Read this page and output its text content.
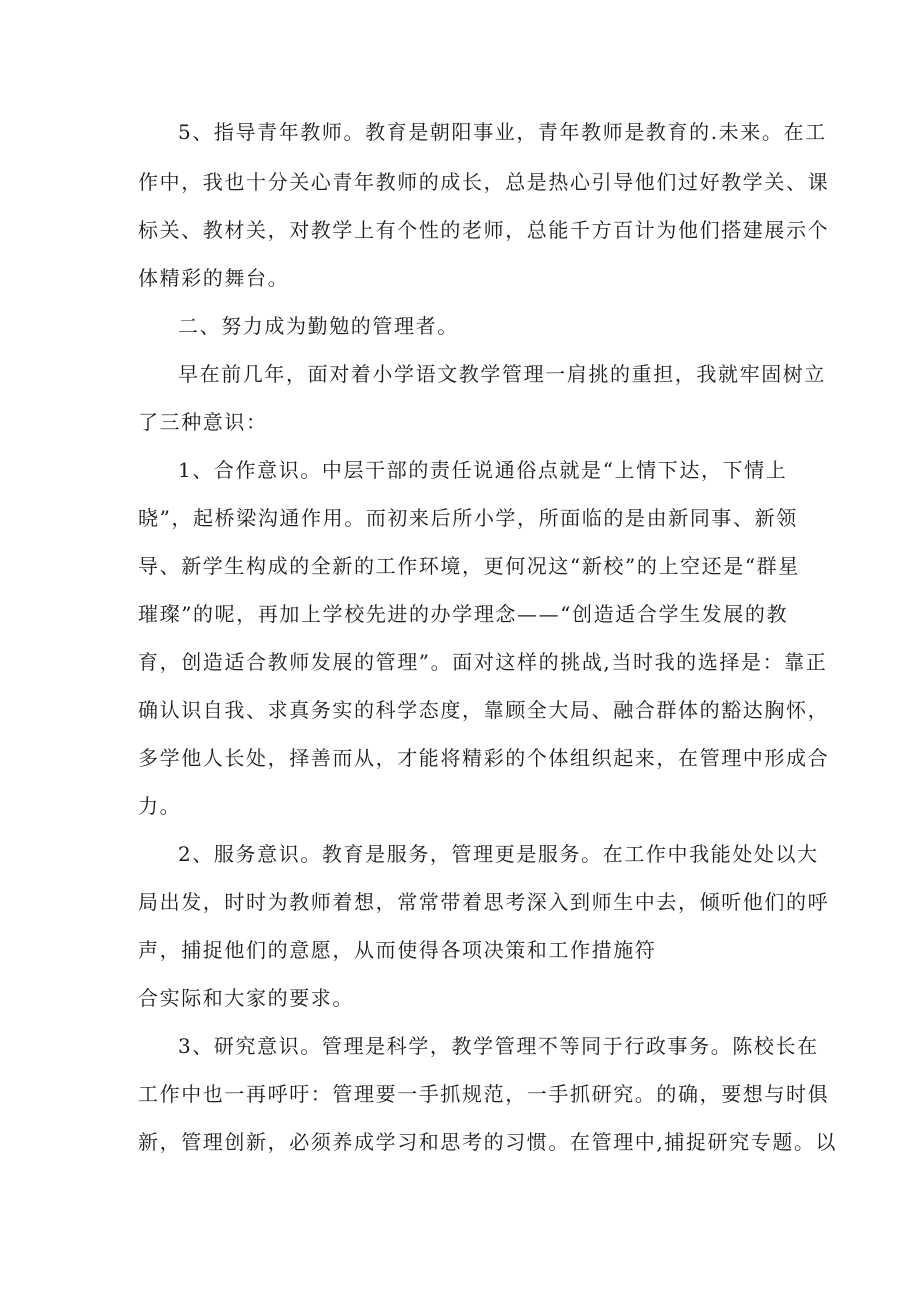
5、指导青年教师。教育是朝阳事业，青年教师是教育的.未来。在工
作中，我也十分关心青年教师的成长，总是热心引导他们过好教学关、课
标关、教材关，对教学上有个性的老师，总能千方百计为他们搭建展示个
体精彩的舞台。
二、努力成为勤勉的管理者。
早在前几年，面对着小学语文教学管理一肩挑的重担，我就牢固树立
了三种意识：
1、合作意识。中层干部的责任说通俗点就是“上情下达，下情上
晓”，起桥梁沟通作用。而初来后所小学，所面临的是由新同事、新领
导、新学生构成的全新的工作环境，更何况这“新校”的上空还是“群星
璀璨”的呢，再加上学校先进的办学理念——“创造适合学生发展的教
育，创造适合教师发展的管理”。面对这样的挑战,当时我的选择是：靠正
确认识自我、求真务实的科学态度，靠顾全大局、融合群体的豁达胸怀，
多学他人长处，择善而从，才能将精彩的个体组织起来，在管理中形成合
力。
2、服务意识。教育是服务，管理更是服务。在工作中我能处处以大
局出发，时时为教师着想，常常带着思考深入到师生中去，倾听他们的呼
声，捕捉他们的意愿，从而使得各项决策和工作措施符
合实际和大家的要求。
3、研究意识。管理是科学，教学管理不等同于行政事务。陈校长在
工作中也一再呼吁：管理要一手抓规范，一手抓研究。的确，要想与时俱
新，管理创新，必须养成学习和思考的习惯。在管理中,捕捉研究专题。以
